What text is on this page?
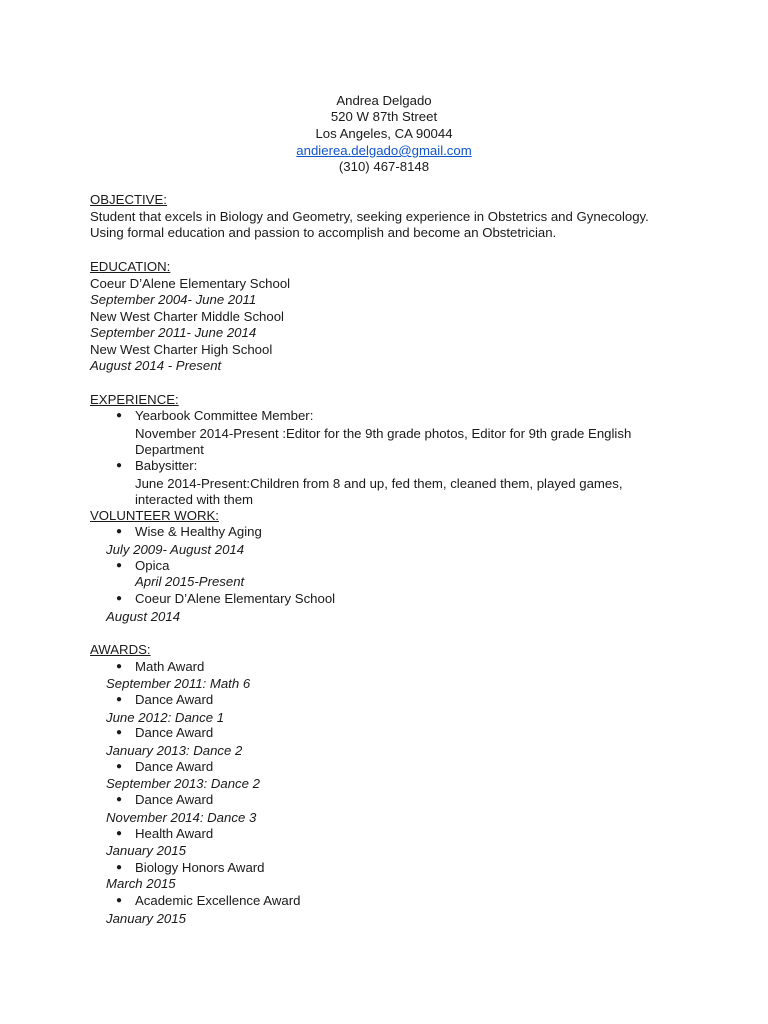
Andrea Delgado
520 W 87th Street
Los Angeles, CA 90044
andierea.delgado@gmail.com
(310) 467-8148
OBJECTIVE:
Student that excels in Biology and Geometry, seeking experience in Obstetrics and Gynecology.
Using formal education and passion to accomplish and become an Obstetrician.
EDUCATION:
Coeur D’Alene Elementary School
September 2004- June 2011
New West Charter Middle School
September 2011- June 2014
New West Charter High School
August 2014 - Present
EXPERIENCE:
● Yearbook Committee Member:
November 2014-Present :Editor for the 9th grade photos, Editor for 9th grade English
Department
● Babysitter:
June 2014-Present:Children from 8 and up, fed them, cleaned them, played games,
interacted with them
VOLUNTEER WORK:
● Wise & Healthy Aging
July 2009- August 2014
● Opica
April 2015-Present
● Coeur D’Alene Elementary School
August 2014
AWARDS:
● Math Award
September 2011: Math 6
● Dance Award
June 2012: Dance 1
● Dance Award
January 2013: Dance 2
● Dance Award
September 2013: Dance 2
● Dance Award
November 2014: Dance 3
● Health Award
January 2015
● Biology Honors Award
March 2015
● Academic Excellence Award
January 2015
